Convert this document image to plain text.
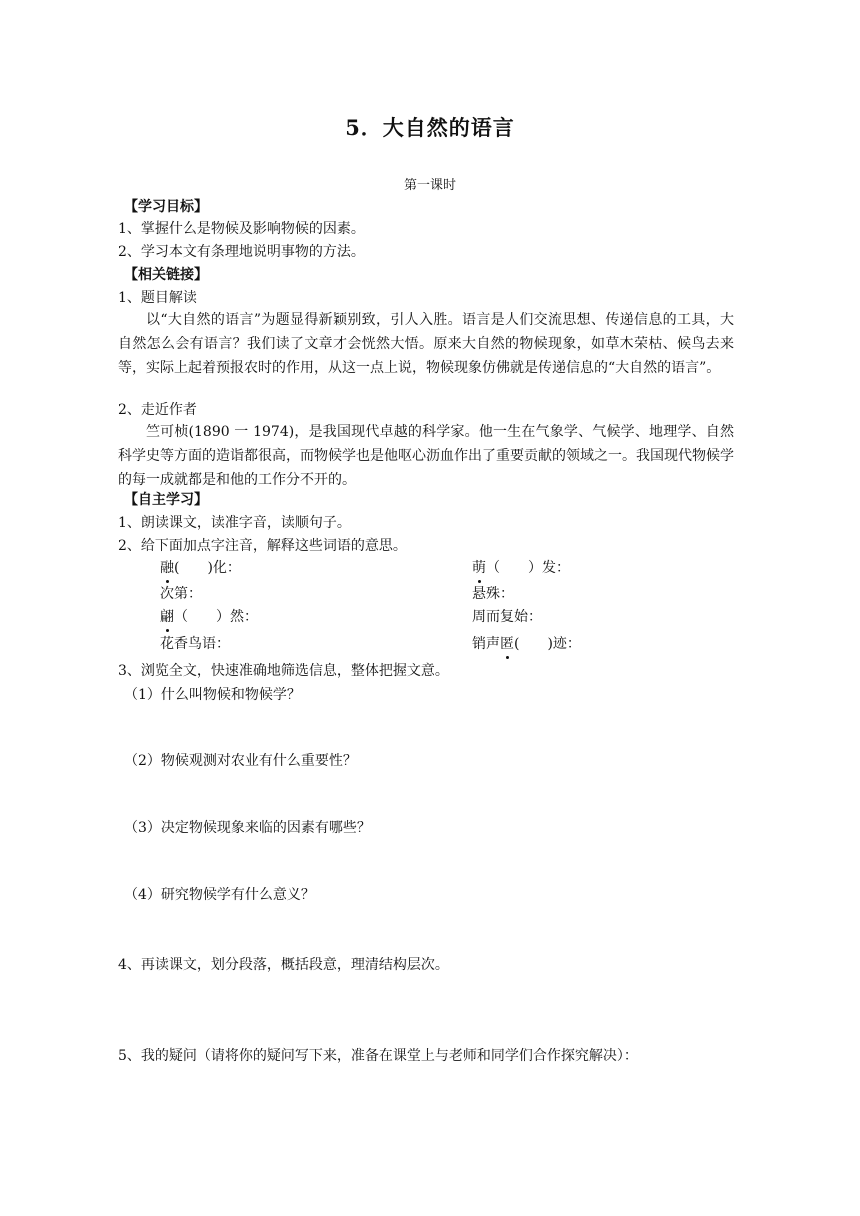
5．大自然的语言
第一课时
【学习目标】
1、掌握什么是物候及影响物候的因素。
2、学习本文有条理地说明事物的方法。
【相关链接】
1、题目解读
以“大自然的语言”为题显得新颖别致，引人入胜。语言是人们交流思想、传递信息的工具，大自然怎么会有语言？我们读了文章才会恍然大悟。原来大自然的物候现象，如草木荣枯、候鸟去来等，实际上起着预报农时的作用，从这一点上说，物候现象仿佛就是传递信息的“大自然的语言”。
2、走近作者
竺可桢(1890 一 1974)，是我国现代卓越的科学家。他一生在气象学、气候学、地理学、自然科学史等方面的造诣都很高，而物候学也是他呕心沥血作出了重要贡献的领域之一。我国现代物候学的每一成就都是和他的工作分不开的。
【自主学习】
1、朗读课文，读准字音，读顺句子。
2、给下面加点字注音，解释这些词语的意思。
融(　　)化：	萌（　　）发：
次第：	悬殊：
翩（　　）然：	周而复始：
花香鸟语：	销声匿(　　)迹：
3、浏览全文，快速准确地筛选信息，整体把握文意。
（1）什么叫物候和物候学？
（2）物候观测对农业有什么重要性？
（3）决定物候现象来临的因素有哪些？
（4）研究物候学有什么意义？
4、再读课文，划分段落，概括段意，理清结构层次。
5、我的疑问（请将你的疑问写下来，准备在课堂上与老师和同学们合作探究解决）：
